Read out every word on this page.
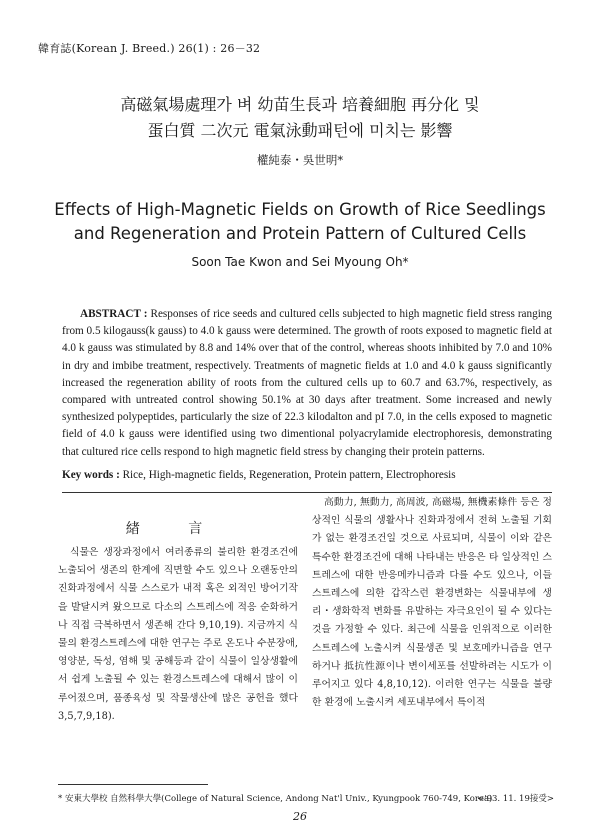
韓育誌(Korean J. Breed.) 26(1) : 26－32
高磁氣場處理가 벼 幼苗生長과 培養細胞 再分化 및
蛋白質 二次元 電氣泳動패턴에 미치는 影響
權純泰・吳世明*
Effects of High-Magnetic Fields on Growth of Rice Seedlings
and Regeneration and Protein Pattern of Cultured Cells
Soon Tae Kwon and Sei Myoung Oh*
ABSTRACT : Responses of rice seeds and cultured cells subjected to high magnetic field stress ranging from 0.5 kilogauss(k gauss) to 4.0 k gauss were determined. The growth of roots exposed to magnetic field at 4.0 k gauss was stimulated by 8.8 and 14% over that of the control, whereas shoots inhibited by 7.0 and 10% in dry and imbibe treatment, respectively. Treatments of magnetic fields at 1.0 and 4.0 k gauss significantly increased the regeneration ability of roots from the cultured cells up to 60.7 and 63.7%, respectively, as compared with untreated control showing 50.1% at 30 days after treatment. Some increased and newly synthesized polypeptides, particularly the size of 22.3 kilodalton and pI 7.0, in the cells exposed to magnetic field of 4.0 k gauss were identified using two dimentional polyacrylamide electrophoresis, demonstrating that cultured rice cells respond to high magnetic field stress by changing their protein patterns.
Key words : Rice, High-magnetic fields, Regeneration, Protein pattern, Electrophoresis
緖 言
식물은 생장과정에서 여러종류의 불리한 환경조건에 노출되어 생존의 한계에 직면할 수도 있으나 오랜동안의 진화과정에서 식물 스스로가 내적 혹은 외적인 방어기작을 발달시켜 왔으므로 다소의 스트레스에 적응 순화하거나 직접 극복하면서 생존해 간다 9,10,19). 지금까지 식물의 환경스트레스에 대한 연구는 주로 온도나 수분장애, 영양분, 독성, 염해 및 공해등과 같이 식물이 일상생활에서 쉽게 노출될 수 있는 환경스트레스에 대해서 많이 이루어졌으며, 품종육성 및 작물생산에 많은 공헌을 했다 3,5,7,9,18).
高動力, 無動力, 高周波, 高磁場, 無機素條件 등은 정상적인 식물의 생활사나 진화과정에서 전혀 노출될 기회가 없는 환경조건일 것으로 사료되며, 식물이 이와 같은 특수한 환경조건에 대해 나타내는 반응은 타 일상적인 스트레스에 대한 반응메카니즘과 다를 수도 있으나, 이들 스트레스에 의한 갑작스런 환경변화는 식물내부에 생리・생화학적 변화를 유발하는 자극요인이 될 수 있다는 것을 가정할 수 있다. 최근에 식물을 인위적으로 이러한 스트레스에 노출시켜 식물생존 및 보호메카니즘을 연구하거나 抵抗性源이나 변이세포를 선발하려는 시도가 이루어지고 있다 4,8,10,12). 이러한 연구는 식물을 불량한 환경에 노출시켜 세포내부에서 특이적
* 安東大學校 自然科學大學(College of Natural Science, Andong Nat'l Univ., Kyungpook 760-749, Korea)
<'93. 11. 19接受>
26
